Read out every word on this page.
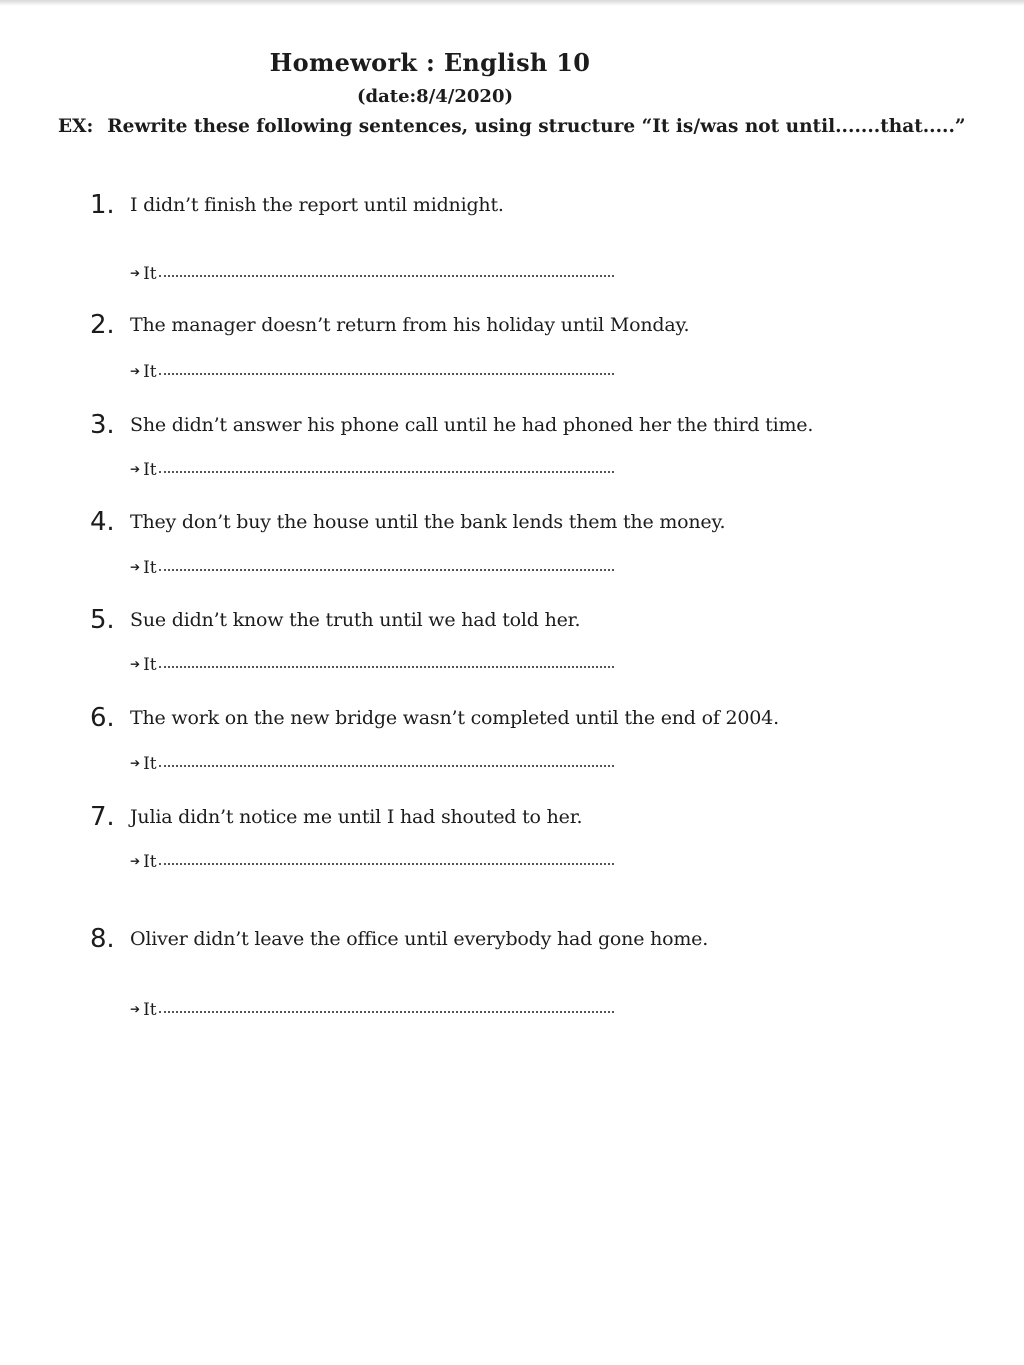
Homework : English 10
(date:8/4/2020)
EX: Rewrite these following sentences, using structure “It is/was not until.......that.....”
1. I didn’t finish the report until midnight.
➔ It
2. The manager doesn’t return from his holiday until Monday.
➔ It
3. She didn’t answer his phone call until he had phoned her the third time.
➔ It
4. They don’t buy the house until the bank lends them the money.
➔ It
5. Sue didn’t know the truth until we had told her.
➔ It
6. The work on the new bridge wasn’t completed until the end of 2004.
➔ It
7. Julia didn’t notice me until I had shouted to her.
➔ It
8. Oliver didn’t leave the office until everybody had gone home.
➔ It
